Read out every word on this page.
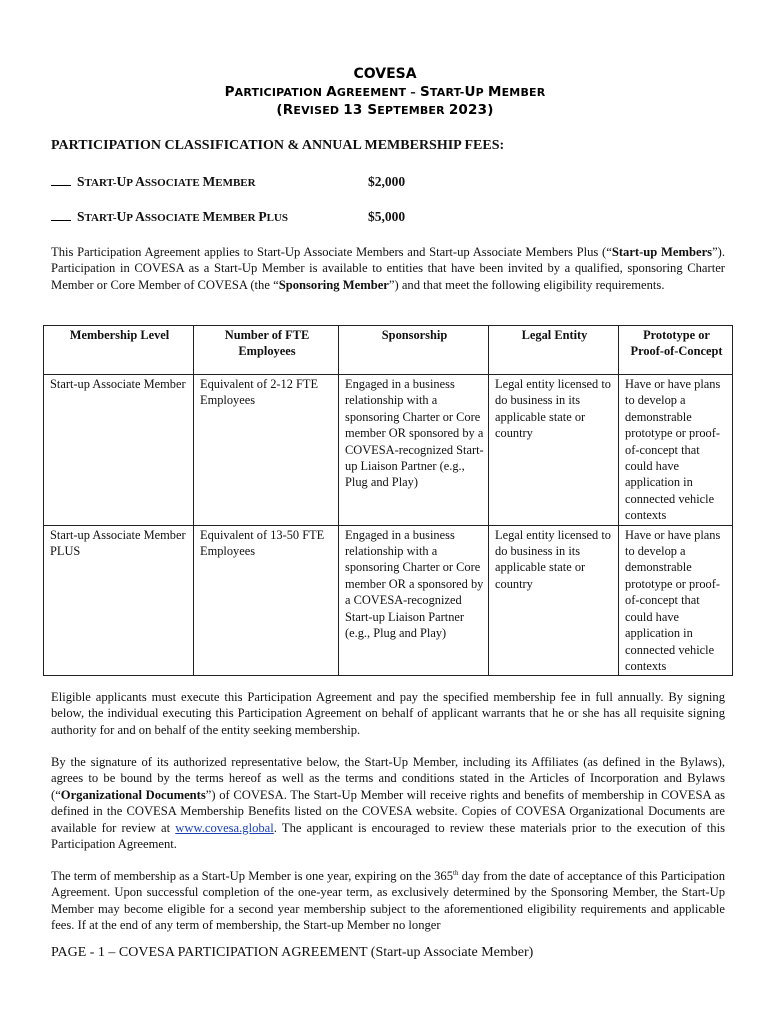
COVESA
PARTICIPATION AGREEMENT – START-UP MEMBER
(REVISED 13 SEPTEMBER 2023)
PARTICIPATION CLASSIFICATION & ANNUAL MEMBERSHIP FEES:
START-UP ASSOCIATE MEMBER	$2,000
START-UP ASSOCIATE MEMBER PLUS	$5,000
This Participation Agreement applies to Start-Up Associate Members and Start-up Associate Members Plus (“Start-up Members”). Participation in COVESA as a Start-Up Member is available to entities that have been invited by a qualified, sponsoring Charter Member or Core Member of COVESA (the “Sponsoring Member”) and that meet the following eligibility requirements.
Membership Level	Number of FTE Employees	Sponsorship	Legal Entity	Prototype or Proof-of-Concept
Start-up Associate Member	Equivalent of 2-12 FTE Employees	Engaged in a business relationship with a sponsoring Charter or Core member OR sponsored by a COVESA-recognized Start-up Liaison Partner (e.g., Plug and Play)	Legal entity licensed to do business in its applicable state or country	Have or have plans to develop a demonstrable prototype or proof-of-concept that could have application in connected vehicle contexts
Start-up Associate Member PLUS	Equivalent of 13-50 FTE Employees	Engaged in a business relationship with a sponsoring Charter or Core member OR a sponsored by a COVESA-recognized Start-up Liaison Partner (e.g., Plug and Play)	Legal entity licensed to do business in its applicable state or country	Have or have plans to develop a demonstrable prototype or proof-of-concept that could have application in connected vehicle contexts
Eligible applicants must execute this Participation Agreement and pay the specified membership fee in full annually. By signing below, the individual executing this Participation Agreement on behalf of applicant warrants that he or she has all requisite signing authority for and on behalf of the entity seeking membership.
By the signature of its authorized representative below, the Start-Up Member, including its Affiliates (as defined in the Bylaws), agrees to be bound by the terms hereof as well as the terms and conditions stated in the Articles of Incorporation and Bylaws (“Organizational Documents”) of COVESA. The Start-Up Member will receive rights and benefits of membership in COVESA as defined in the COVESA Membership Benefits listed on the COVESA website. Copies of COVESA Organizational Documents are available for review at www.covesa.global. The applicant is encouraged to review these materials prior to the execution of this Participation Agreement.
The term of membership as a Start-Up Member is one year, expiring on the 365th day from the date of acceptance of this Participation Agreement. Upon successful completion of the one-year term, as exclusively determined by the Sponsoring Member, the Start-Up Member may become eligible for a second year membership subject to the aforementioned eligibility requirements and applicable fees. If at the end of any term of membership, the Start-up Member no longer
PAGE - 1 – COVESA PARTICIPATION AGREEMENT (Start-up Associate Member)
